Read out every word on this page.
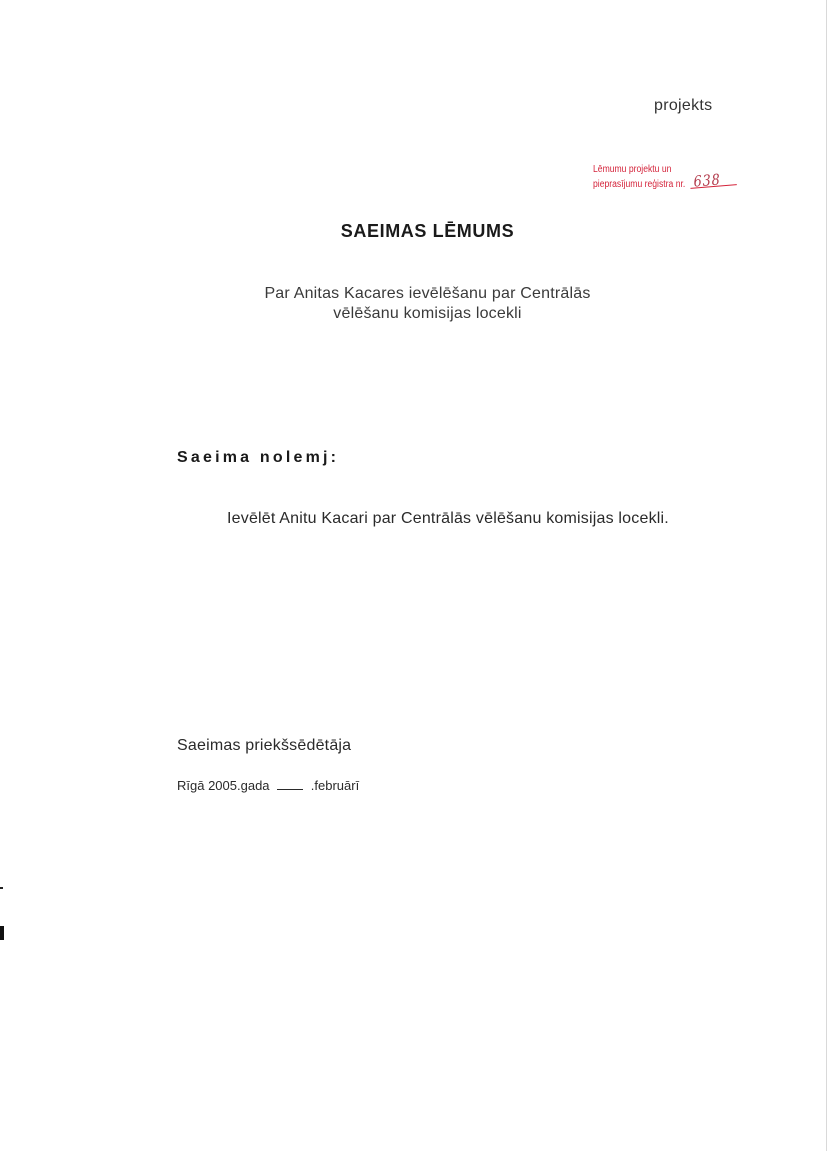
projekts
Lēmumu projektu un
pieprasījumu reģistra nr. 638
SAEIMAS LĒMUMS
Par Anitas Kacares ievēlēšanu par Centrālās
vēlēšanu komisijas locekli
Saeima nolemj:
Ievēlēt Anitu Kacari par Centrālās vēlēšanu komisijas locekli.
Saeimas priekšsēdētāja
Rīgā 2005.gada	.februārī
